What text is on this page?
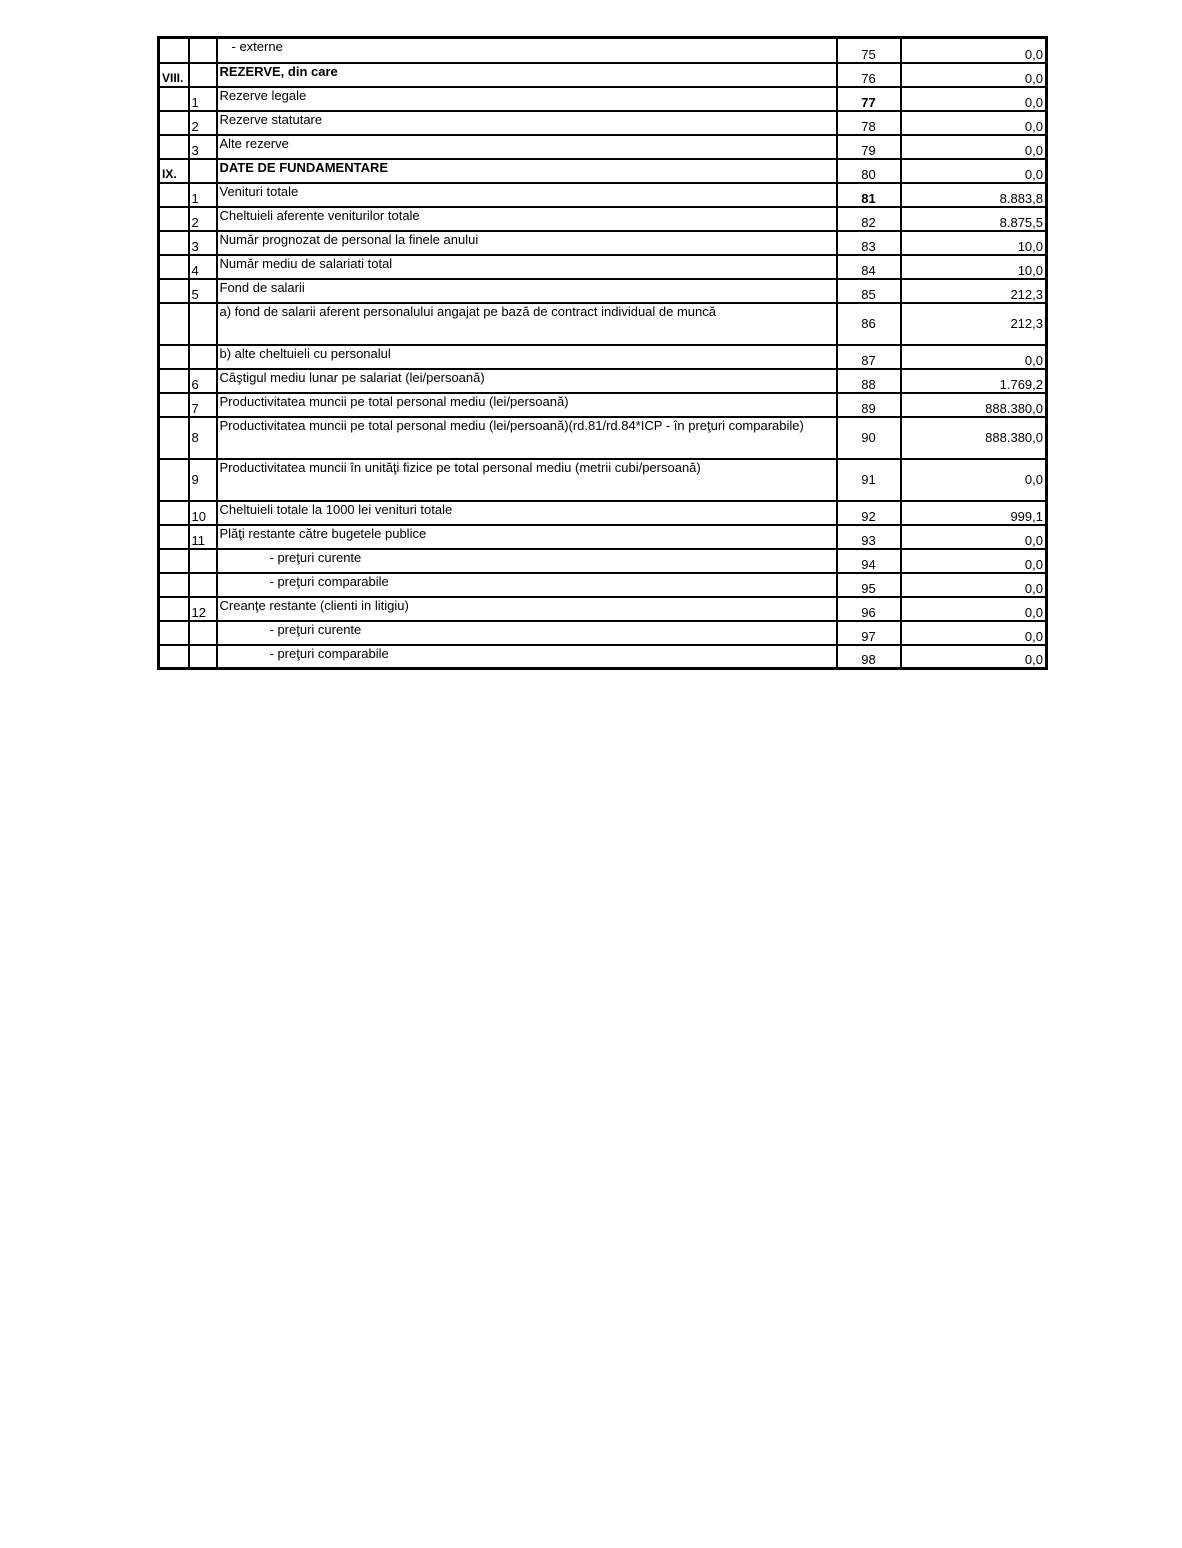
		- externe	75	0,0
VIII.		REZERVE, din care	76	0,0
	1	Rezerve legale	77	0,0
	2	Rezerve statutare	78	0,0
	3	Alte rezerve	79	0,0
IX.		DATE DE FUNDAMENTARE	80	0,0
	1	Venituri totale	81	8.883,8
	2	Cheltuieli aferente veniturilor totale	82	8.875,5
	3	Număr prognozat de personal la finele anului	83	10,0
	4	Număr mediu de salariati total	84	10,0
	5	Fond de salarii	85	212,3
		a) fond de salarii aferent personalului angajat pe bază de contract individual de muncă	86	212,3
		b) alte cheltuieli cu personalul	87	0,0
	6	Câştigul mediu lunar pe salariat (lei/persoană)	88	1.769,2
	7	Productivitatea muncii pe total personal mediu (lei/persoană)	89	888.380,0
	8	Productivitatea muncii pe total personal mediu (lei/persoană)(rd.81/rd.84*ICP - în preţuri comparabile)	90	888.380,0
	9	Productivitatea muncii în unităţi fizice pe total personal mediu (metrii cubi/persoană)	91	0,0
	10	Cheltuieli totale la 1000 lei venituri totale	92	999,1
	11	Plăţi restante către bugetele publice	93	0,0
		- preţuri curente	94	0,0
		- preţuri comparabile	95	0,0
	12	Creanţe restante (clienti in litigiu)	96	0,0
		- preţuri curente	97	0,0
		- preţuri comparabile	98	0,0
